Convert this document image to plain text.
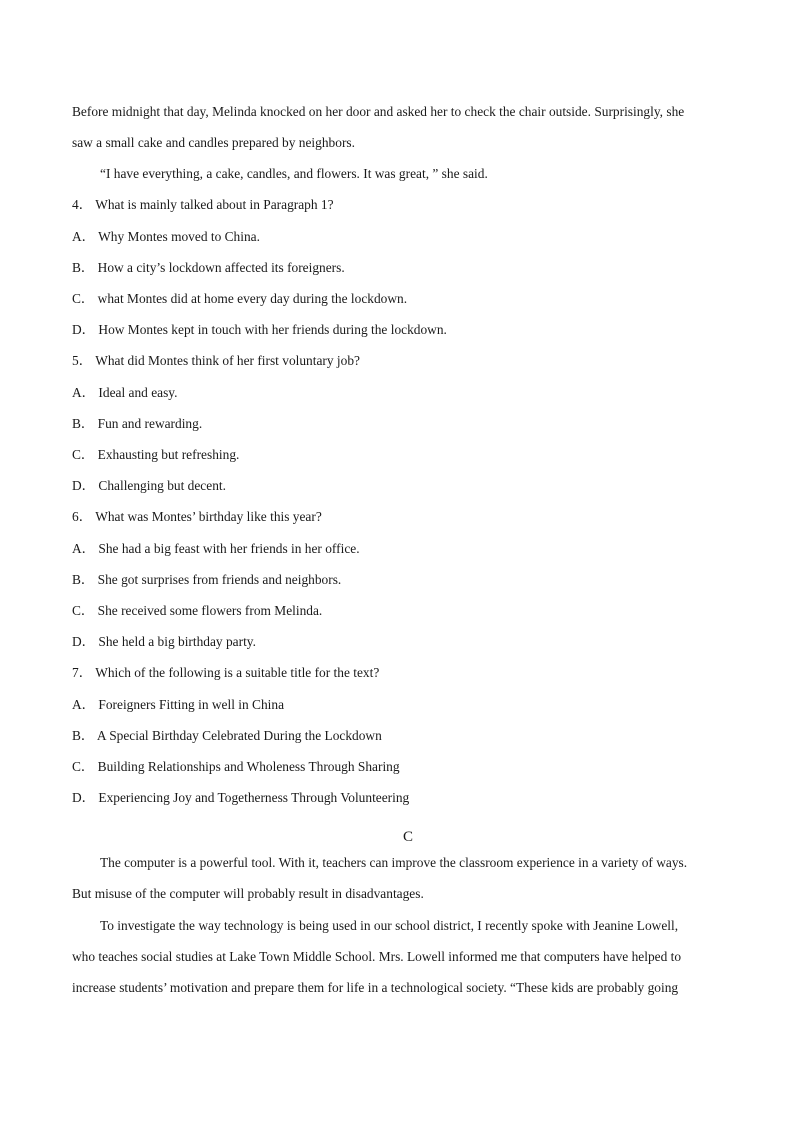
Before midnight that day, Melinda knocked on her door and asked her to check the chair outside. Surprisingly, she
saw a small cake and candles prepared by neighbors.
“I have everything, a cake, candles, and flowers. It was great, ” she said.
4． What is mainly talked about in Paragraph 1?
A． Why Montes moved to China.
B． How a city’s lockdown affected its foreigners.
C． what Montes did at home every day during the lockdown.
D． How Montes kept in touch with her friends during the lockdown.
5． What did Montes think of her first voluntary job?
A． Ideal and easy.
B． Fun and rewarding.
C． Exhausting but refreshing.
D． Challenging but decent.
6． What was Montes’ birthday like this year?
A． She had a big feast with her friends in her office.
B． She got surprises from friends and neighbors.
C． She received some flowers from Melinda.
D． She held a big birthday party.
7． Which of the following is a suitable title for the text?
A． Foreigners Fitting in well in China
B． A Special Birthday Celebrated During the Lockdown
C． Building Relationships and Wholeness Through Sharing
D． Experiencing Joy and Togetherness Through Volunteering
C
The computer is a powerful tool. With it, teachers can improve the classroom experience in a variety of ways.
But misuse of the computer will probably result in disadvantages.
To investigate the way technology is being used in our school district, I recently spoke with Jeanine Lowell,
who teaches social studies at Lake Town Middle School. Mrs. Lowell informed me that computers have helped to
increase students’ motivation and prepare them for life in a technological society. “These kids are probably going
